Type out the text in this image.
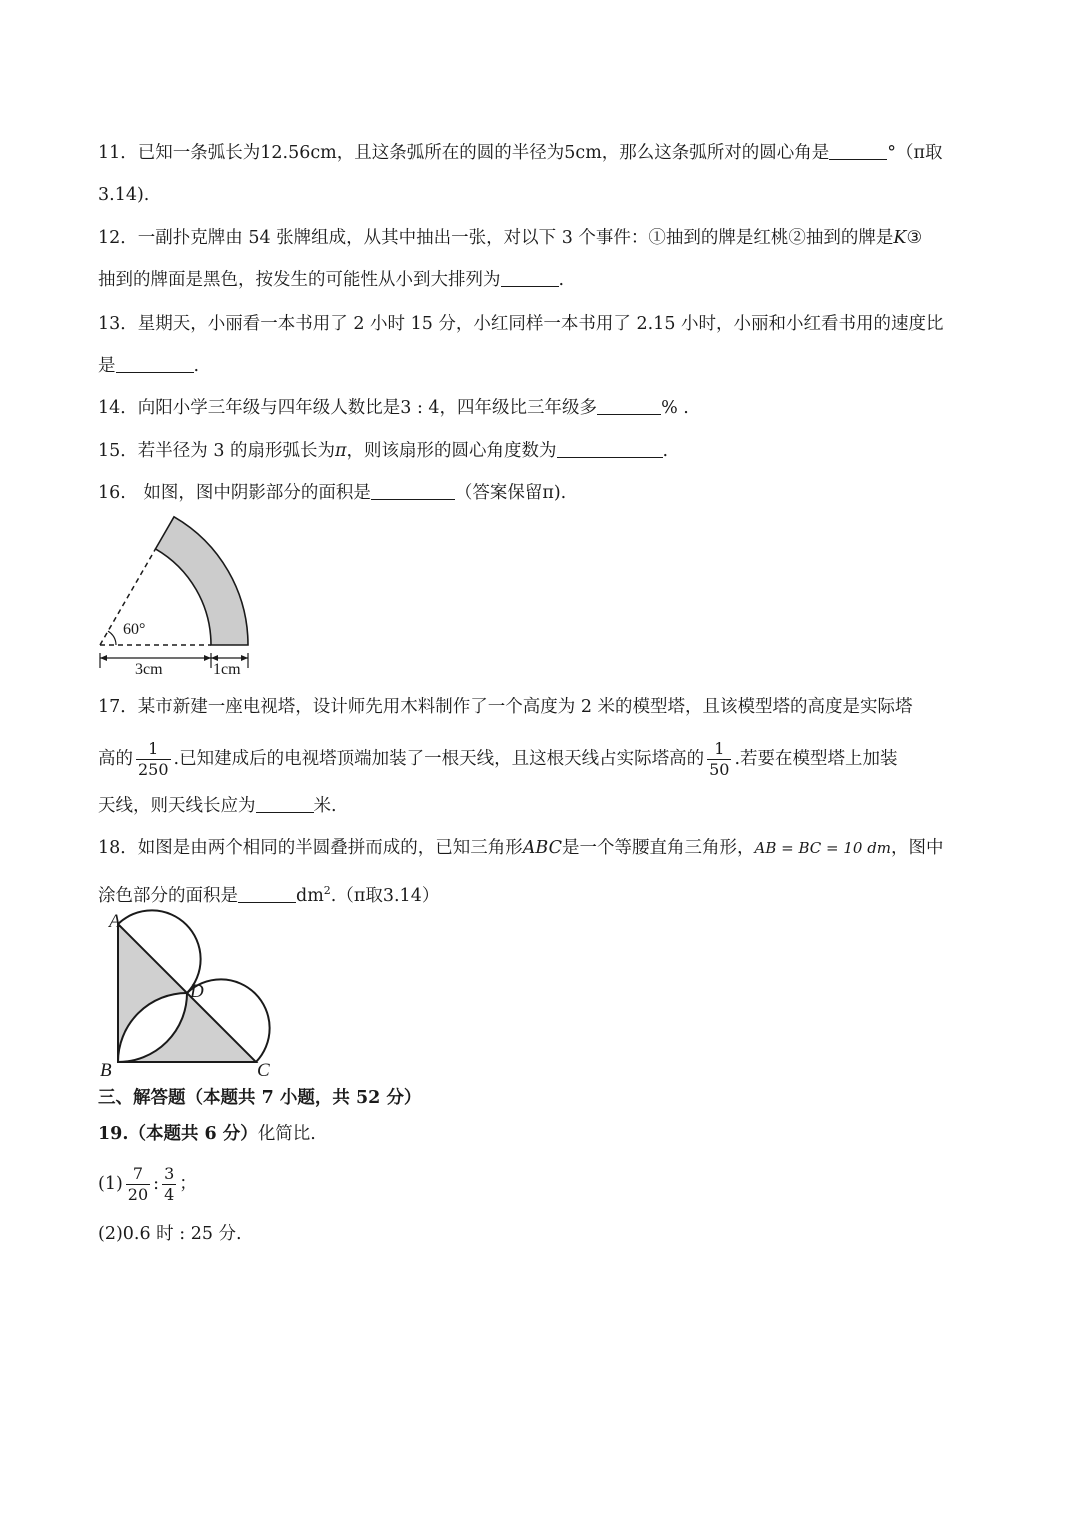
11．已知一条弧长为12.56cm，且这条弧所在的圆的半径为5cm，那么这条弧所对的圆心角是	°（π取
3.14).
12．一副扑克牌由 54 张牌组成，从其中抽出一张，对以下 3 个事件：①抽到的牌是红桃②抽到的牌是K③
抽到的牌面是黑色，按发生的可能性从小到大排列为	.
13．星期天，小丽看一本书用了 2 小时 15 分，小红同样一本书用了 2.15 小时，小丽和小红看书用的速度比
是	.
14．向阳小学三年级与四年级人数比是3 : 4，四年级比三年级多	% .
15．若半径为 3 的扇形弧长为π，则该扇形的圆心角度数为	.
16.　如图，图中阴影部分的面积是	（答案保留π).
60°
3cm	1cm
17．某市新建一座电视塔，设计师先用木料制作了一个高度为 2 米的模型塔，且该模型塔的高度是实际塔
高的 $\frac{1}{250}$ .已知建成后的电视塔顶端加装了一根天线，且这根天线占实际塔高的 $\frac{1}{50}$ .若要在模型塔上加装
天线，则天线长应为	米.
18．如图是由两个相同的半圆叠拼而成的，已知三角形ABC是一个等腰直角三角形，AB = BC = 10 dm，图中
涂色部分的面积是	$dm^2.(\pi$取3.14）
A
B	C
D
三、解答题（本题共 7 小题，共 52 分）
19.（本题共 6 分）化简比.
$(1) \frac{7}{20}$ : $\frac{3}{4}$ ；
(2)0.6 时 : 25 分.
